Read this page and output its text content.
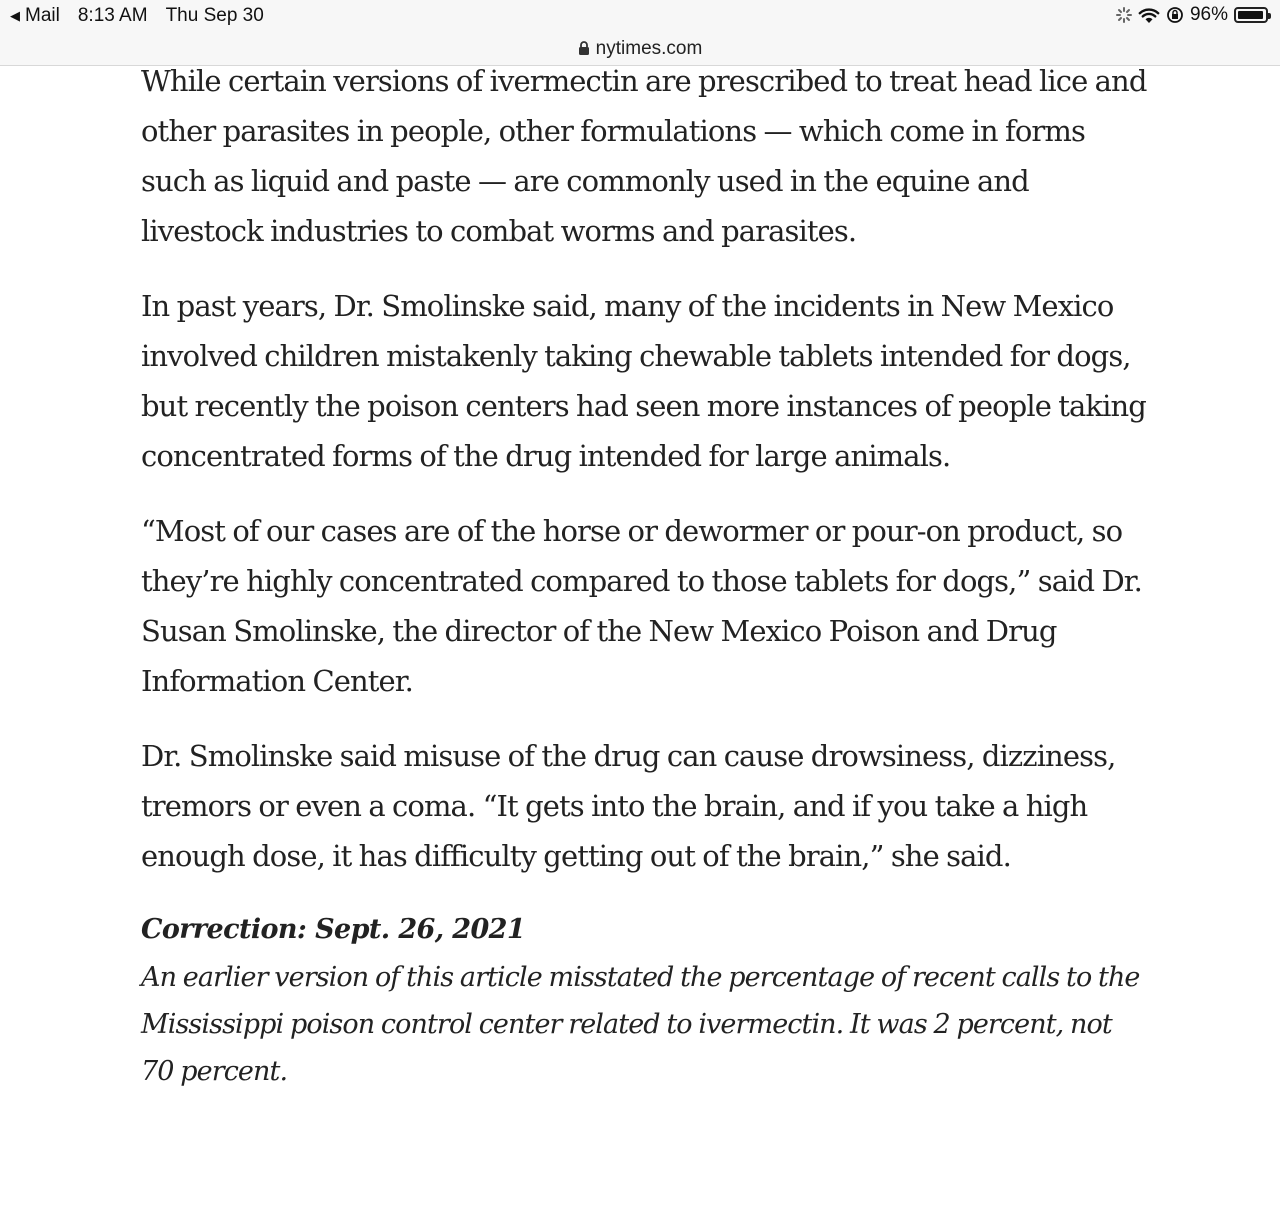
◀ Mail 8:13 AM Thu Sep 30	96%
nytimes.com

While certain versions of ivermectin are prescribed to treat head lice and other parasites in people, other formulations — which come in forms such as liquid and paste — are commonly used in the equine and livestock industries to combat worms and parasites.

In past years, Dr. Smolinske said, many of the incidents in New Mexico involved children mistakenly taking chewable tablets intended for dogs, but recently the poison centers had seen more instances of people taking concentrated forms of the drug intended for large animals.

“Most of our cases are of the horse or dewormer or pour-on product, so they’re highly concentrated compared to those tablets for dogs,” said Dr. Susan Smolinske, the director of the New Mexico Poison and Drug Information Center.

Dr. Smolinske said misuse of the drug can cause drowsiness, dizziness, tremors or even a coma. “It gets into the brain, and if you take a high enough dose, it has difficulty getting out of the brain,” she said.

Correction: Sept. 26, 2021
An earlier version of this article misstated the percentage of recent calls to the Mississippi poison control center related to ivermectin. It was 2 percent, not 70 percent.
